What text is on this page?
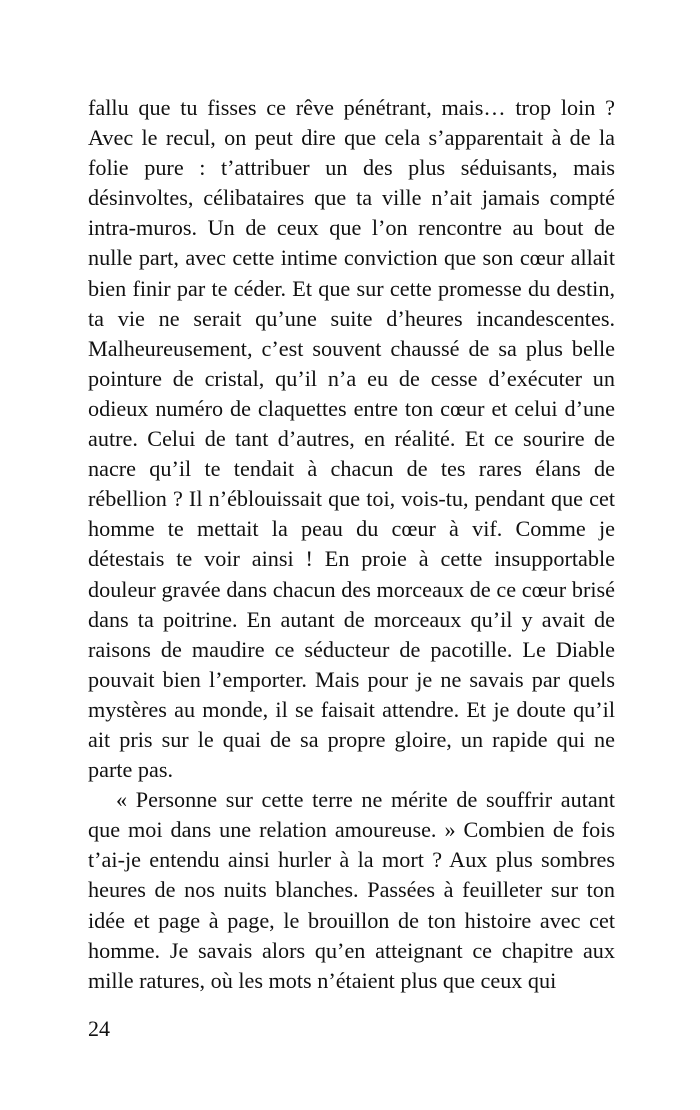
fallu que tu fisses ce rêve pénétrant, mais… trop loin ? Avec le recul, on peut dire que cela s’apparentait à de la folie pure : t’attribuer un des plus séduisants, mais désinvoltes, célibataires que ta ville n’ait jamais compté intra-muros. Un de ceux que l’on rencontre au bout de nulle part, avec cette intime conviction que son cœur allait bien finir par te céder. Et que sur cette promesse du destin, ta vie ne serait qu’une suite d’heures incandescentes. Malheureusement, c’est souvent chaussé de sa plus belle pointure de cristal, qu’il n’a eu de cesse d’exécuter un odieux numéro de claquettes entre ton cœur et celui d’une autre. Celui de tant d’autres, en réalité. Et ce sourire de nacre qu’il te tendait à chacun de tes rares élans de rébellion ? Il n’éblouissait que toi, vois-tu, pendant que cet homme te mettait la peau du cœur à vif. Comme je détestais te voir ainsi ! En proie à cette insupportable douleur gravée dans chacun des morceaux de ce cœur brisé dans ta poitrine. En autant de morceaux qu’il y avait de raisons de maudire ce séducteur de pacotille. Le Diable pouvait bien l’emporter. Mais pour je ne savais par quels mystères au monde, il se faisait attendre. Et je doute qu’il ait pris sur le quai de sa propre gloire, un rapide qui ne parte pas.

« Personne sur cette terre ne mérite de souffrir autant que moi dans une relation amoureuse. » Combien de fois t’ai-je entendu ainsi hurler à la mort ? Aux plus sombres heures de nos nuits blanches. Passées à feuilleter sur ton idée et page à page, le brouillon de ton histoire avec cet homme. Je savais alors qu’en atteignant ce chapitre aux mille ratures, où les mots n’étaient plus que ceux qui

24
